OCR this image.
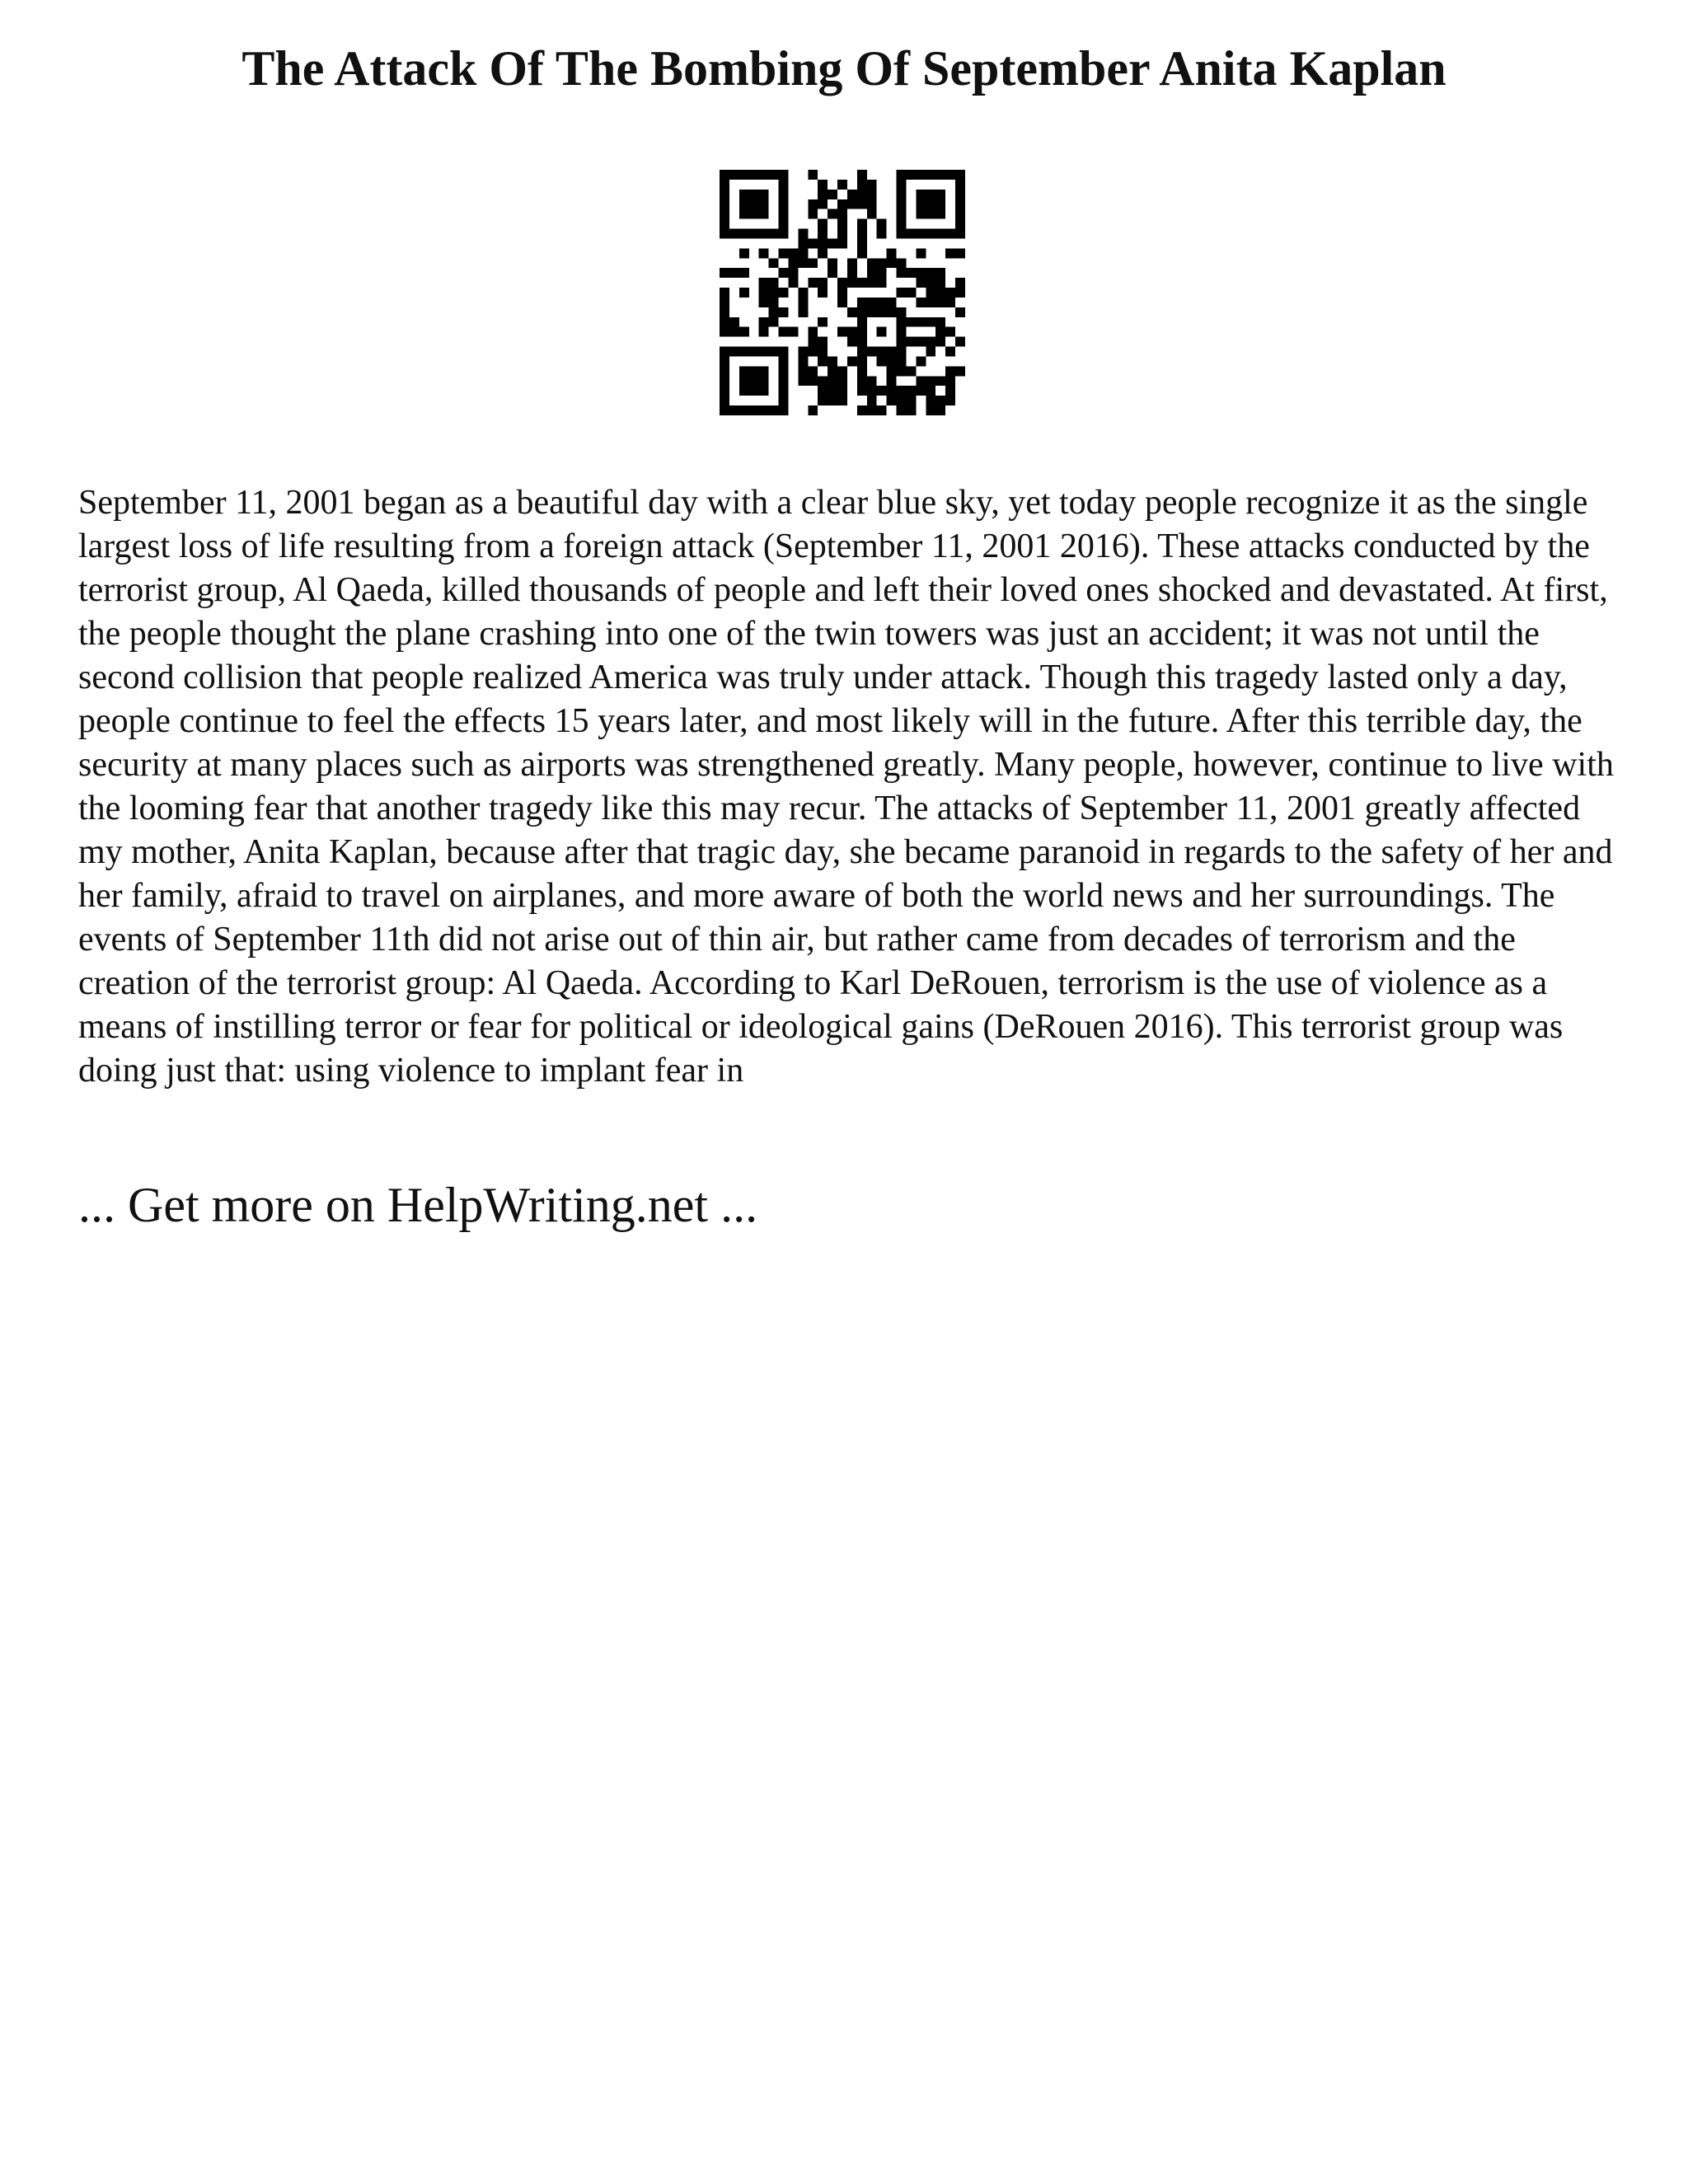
The Attack Of The Bombing Of September Anita Kaplan

September 11, 2001 began as a beautiful day with a clear blue sky, yet today people recognize it as the single largest loss of life resulting from a foreign attack (September 11, 2001 2016). These attacks conducted by the terrorist group, Al Qaeda, killed thousands of people and left their loved ones shocked and devastated. At first, the people thought the plane crashing into one of the twin towers was just an accident; it was not until the second collision that people realized America was truly under attack. Though this tragedy lasted only a day, people continue to feel the effects 15 years later, and most likely will in the future. After this terrible day, the security at many places such as airports was strengthened greatly. Many people, however, continue to live with the looming fear that another tragedy like this may recur. The attacks of September 11, 2001 greatly affected my mother, Anita Kaplan, because after that tragic day, she became paranoid in regards to the safety of her and her family, afraid to travel on airplanes, and more aware of both the world news and her surroundings. The events of September 11th did not arise out of thin air, but rather came from decades of terrorism and the creation of the terrorist group: Al Qaeda. According to Karl DeRouen, terrorism is the use of violence as a means of instilling terror or fear for political or ideological gains (DeRouen 2016). This terrorist group was doing just that: using violence to implant fear in

... Get more on HelpWriting.net ...
